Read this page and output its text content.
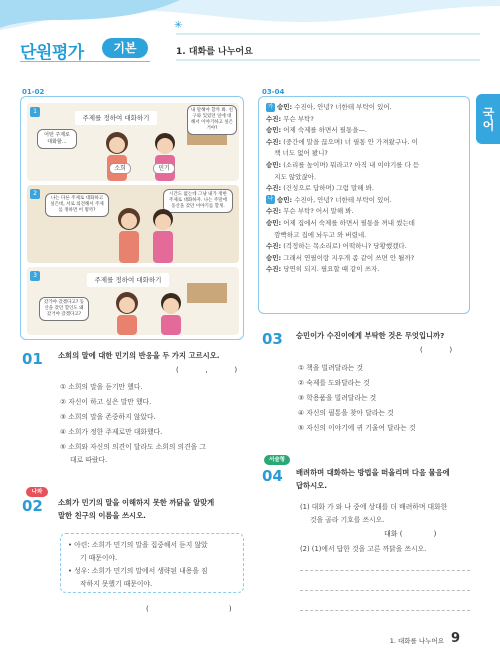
✳
단원평가	기본	1. 대화를 나누어요
국어
01-02
주제를 정하여 대화하기
어떤 주제로 대화할…
내 말해야 할까 봐. 친구와 있었던 일에 대해서 이야기하고 싶은 거야?
소희	민기
1
나는 다른 주제로 대화하고 싶은데, 서로 의견해서 주제를 정하면 어 떻까?
시간도 없는데 그냥 내가 정한 주제로 대화하자. 나는 주말에 동산을 갔던 이야기를 할게.
2
주제를 정하여 대화하기
갔가야 갔겠다고? 동산을 갔던 할인도 왜 갔거야 갔겠다고?
3
01 소희의 말에 대한 민기의 반응을 두 가지 고르시오.
(            ,            )
① 소희의 말을 듣기만 했다.
② 자신이 하고 싶은 말만 했다.
③ 소희의 말을 존중하지 않았다.
④ 소희가 정한 주제로만 대화했다.
⑤ 소희와 자신의 의견이 달라도 소희의 의견을 그
대로 따랐다.
나와
02 소희가 민기의 말을 이해하지 못한 까닭을 알맞게
말한 친구의 이름을 쓰시오.
• 아린: 소희가 민기의 말을 집중해서 듣지 않았
기 때문이야.
• 성우: 소희가 민기의 말에서 생략된 내용을 짐
작하지 못했기 때문이야.
(                                    )
03-04
가 승민: 수진아, 안녕? 너한테 부탁이 있어.
수진: 무슨 부탁?
승민: 어제 숙제를 하면서 필통을—.
수진: (중간에 말을 끊으며) 너 필통 안 가져왔구나. 이
책 너도 없어 봤니?
승민: (소리를 높이며) 뭐라고? 아직 내 이야기를 다 듣
지도 않았잖아.
수진: (건성으로 답하며) 그럼 말해 봐.
나 승민: 수진아, 안녕? 너한테 부탁이 있어.
수진: 무슨 부탁? 어서 말해 봐.
승민: 어제 집에서 숙제를 하면서 필통을 꺼내 썼는데
깜빡하고 집에 놔두고 와 버렸네.
수진: (걱정하는 목소리로) 어떡하니? 당황했겠다.
승민: 그래서 연필이랑 지우개 좀 같이 쓰면 안 될까?
수진: 당연히 되지. 필요할 때 같이 쓰자.
03 승민이가 수진이에게 부탁한 것은 무엇입니까?
(            )
① 책을 빌려달라는 것
② 숙제를 도와달라는 것
③ 학용품을 빌려달라는 것
④ 자신의 필통을 찾아 달라는 것
⑤ 자신의 이야기에 귀 기울여 달라는 것
서술형
04 배려하며 대화하는 방법을 떠올리며 다음 물음에
답하시오.
(1) 대화 가 와 나 중에 상대를 더 배려하며 대화한
것을 골라 기호를 쓰시오.
대화 (              )
(2) (1)에서 답한 것을 고른 까닭을 쓰시오.
1. 대화를 나누어요 9
